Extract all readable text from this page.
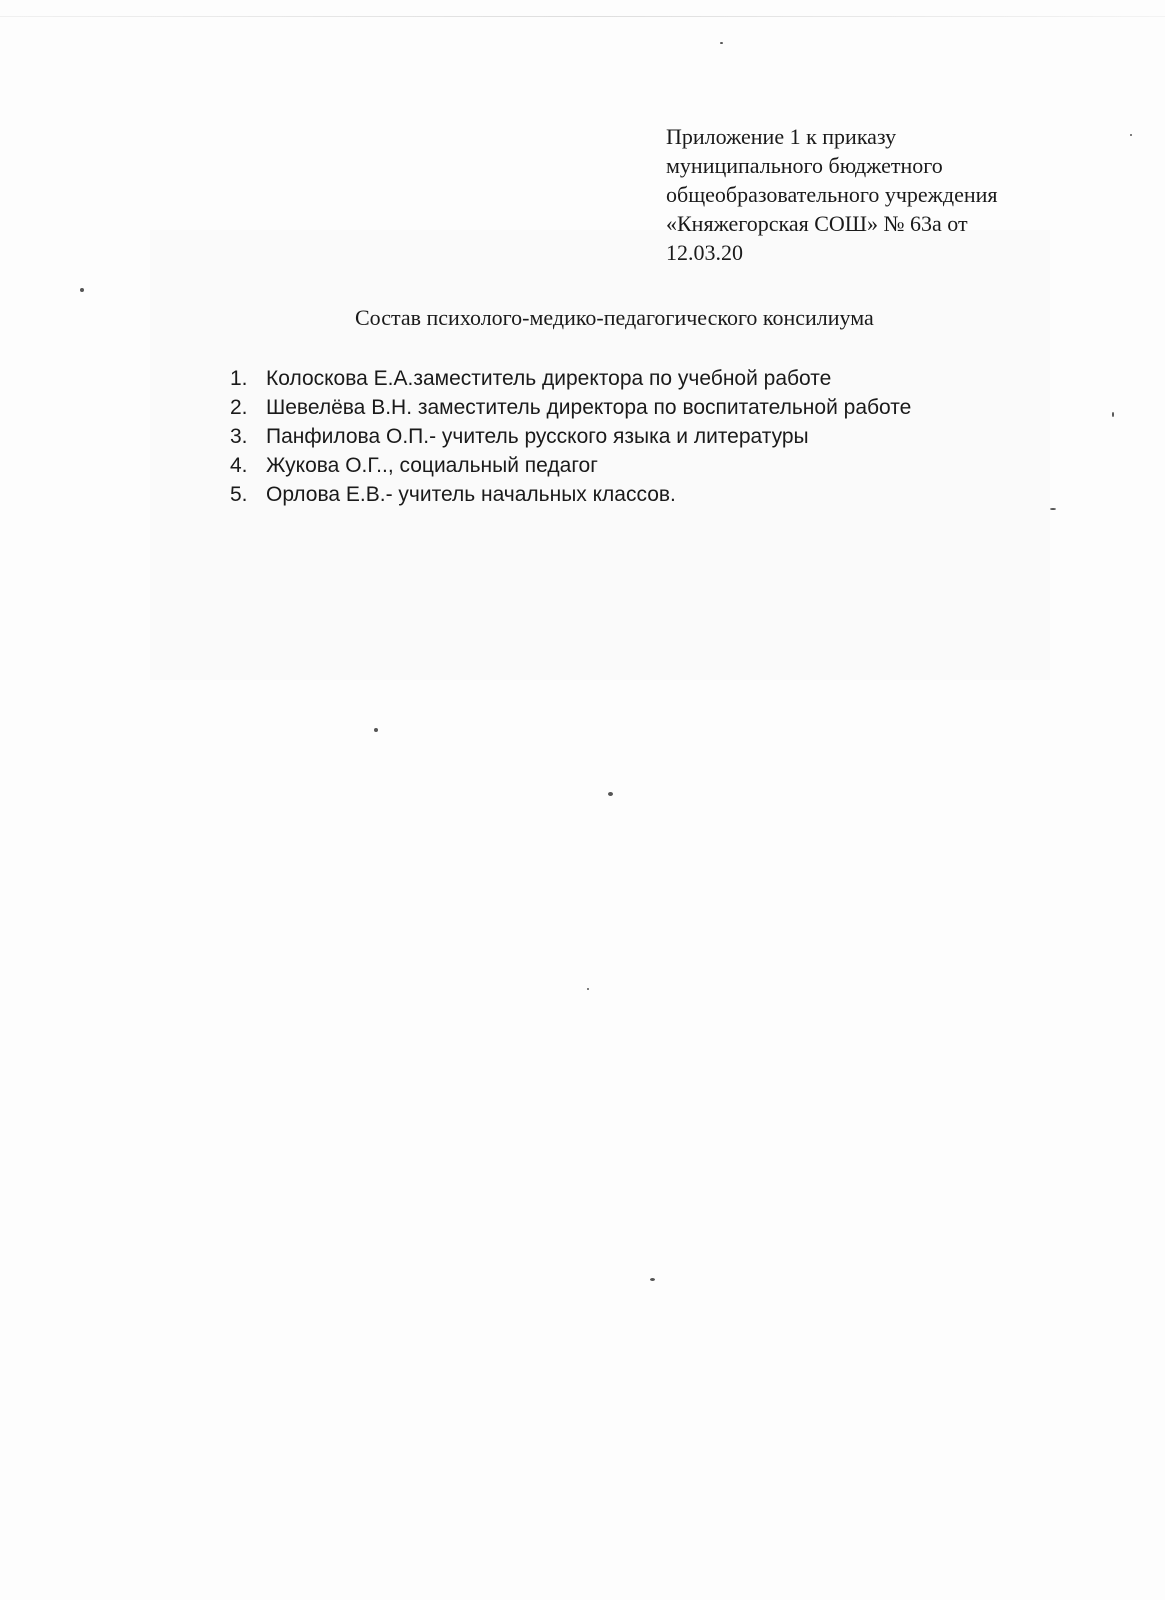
Приложение 1 к приказу
муниципального бюджетного
общеобразовательного учреждения
«Княжегорская СОШ» № 63а от
12.03.20
Состав психолого-медико-педагогического консилиума
1. Колоскова Е.А.заместитель директора по учебной работе
2. Шевелёва В.Н. заместитель директора по воспитательной работе
3. Панфилова О.П.- учитель русского языка и литературы
4. Жукова О.Г.., социальный педагог
5. Орлова Е.В.- учитель начальных классов.
